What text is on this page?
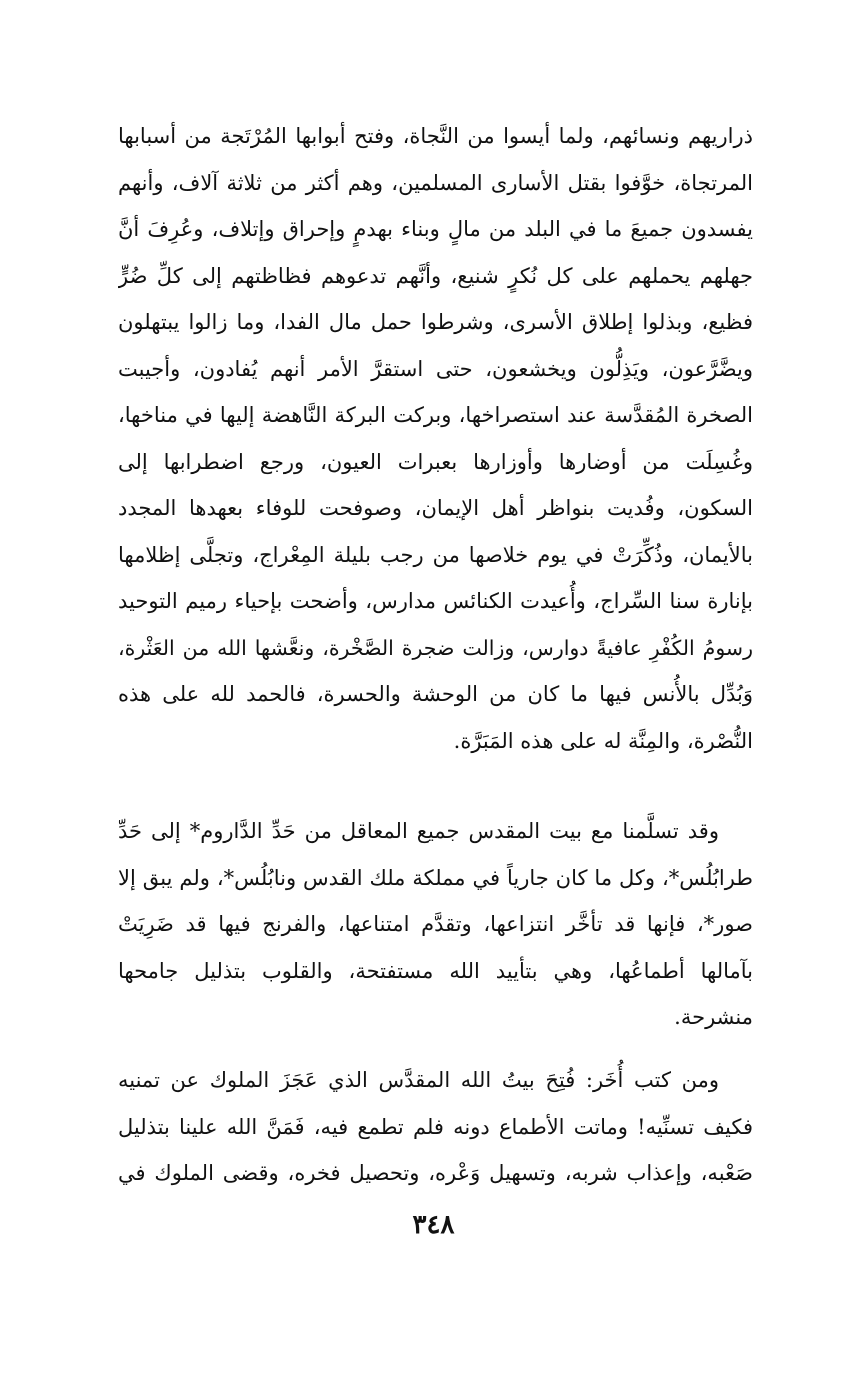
ذراريهم ونسائهم، ولما أيسوا من النَّجاة، وفتح أبوابها المُرْتَجة من أسبابها
المرتجاة، خوَّفوا بقتل الأسارى المسلمين، وهم أكثر من ثلاثة آلاف، وأنهم
يفسدون جميعَ ما في البلد من مالٍ وبناء بهدمٍ وإحراق وإتلاف، وعُرِفَ أنَّ
جهلهم يحملهم على كل نُكرٍ شنيع، وأنَّهم تدعوهم فظاظتهم إلى كلِّ ضُرٍّ
فظيع، وبذلوا إطلاق الأسرى، وشرطوا حمل مال الفدا، وما زالوا يبتهلون
ويضَّرَّعون، ويَذِلُّون ويخشعون، حتى استقرَّ الأمر أنهم يُفادون، وأجيبت
الصخرة المُقدَّسة عند استصراخها، وبركت البركة النَّاهضة إليها في مناخها،
وغُسِلَت من أوضارها وأوزارها بعبرات العيون، ورجع اضطرابها إلى
السكون، وفُديت بنواظر أهل الإيمان، وصوفحت للوفاء بعهدها المجدد
بالأيمان، وذُكِّرَتْ في يوم خلاصها من رجب بليلة المِعْراج، وتجلَّى إظلامها
بإنارة سنا السِّراج، وأُعيدت الكنائس مدارس، وأضحت بإحياء رميم التوحيد
رسومُ الكُفْرِ عافيةً دوارس، وزالت ضجرة الصَّخْرة، ونعَّشها الله من العَثْرة،
وَبُدِّل بالأُنس فيها ما كان من الوحشة والحسرة، فالحمد لله على هذه
النُّصْرة، والمِنَّة له على هذه المَبَرَّة.
وقد تسلَّمنا مع بيت المقدس جميع المعاقل من حَدِّ الدَّاروم* إلى حَدِّ
طرابُلُس*، وكل ما كان جارياً في مملكة ملك القدس ونابُلُس*، ولم يبق إلا
صور*، فإنها قد تأخَّر انتزاعها، وتقدَّم امتناعها، والفرنج فيها قد ضَرِيَتْ
بآمالها أطماعُها، وهي بتأييد الله مستفتحة، والقلوب بتذليل جامحها
منشرحة.
ومن كتب أُخَر: فُتِحَ بيتُ الله المقدَّس الذي عَجَزَ الملوك عن تمنيه
فكيف تسنِّيه! وماتت الأطماع دونه فلم تطمع فيه، فَمَنَّ الله علينا بتذليل
صَعْبه، وإعذاب شربه، وتسهيل وَعْره، وتحصيل فخره، وقضى الملوك في
٣٤٨
